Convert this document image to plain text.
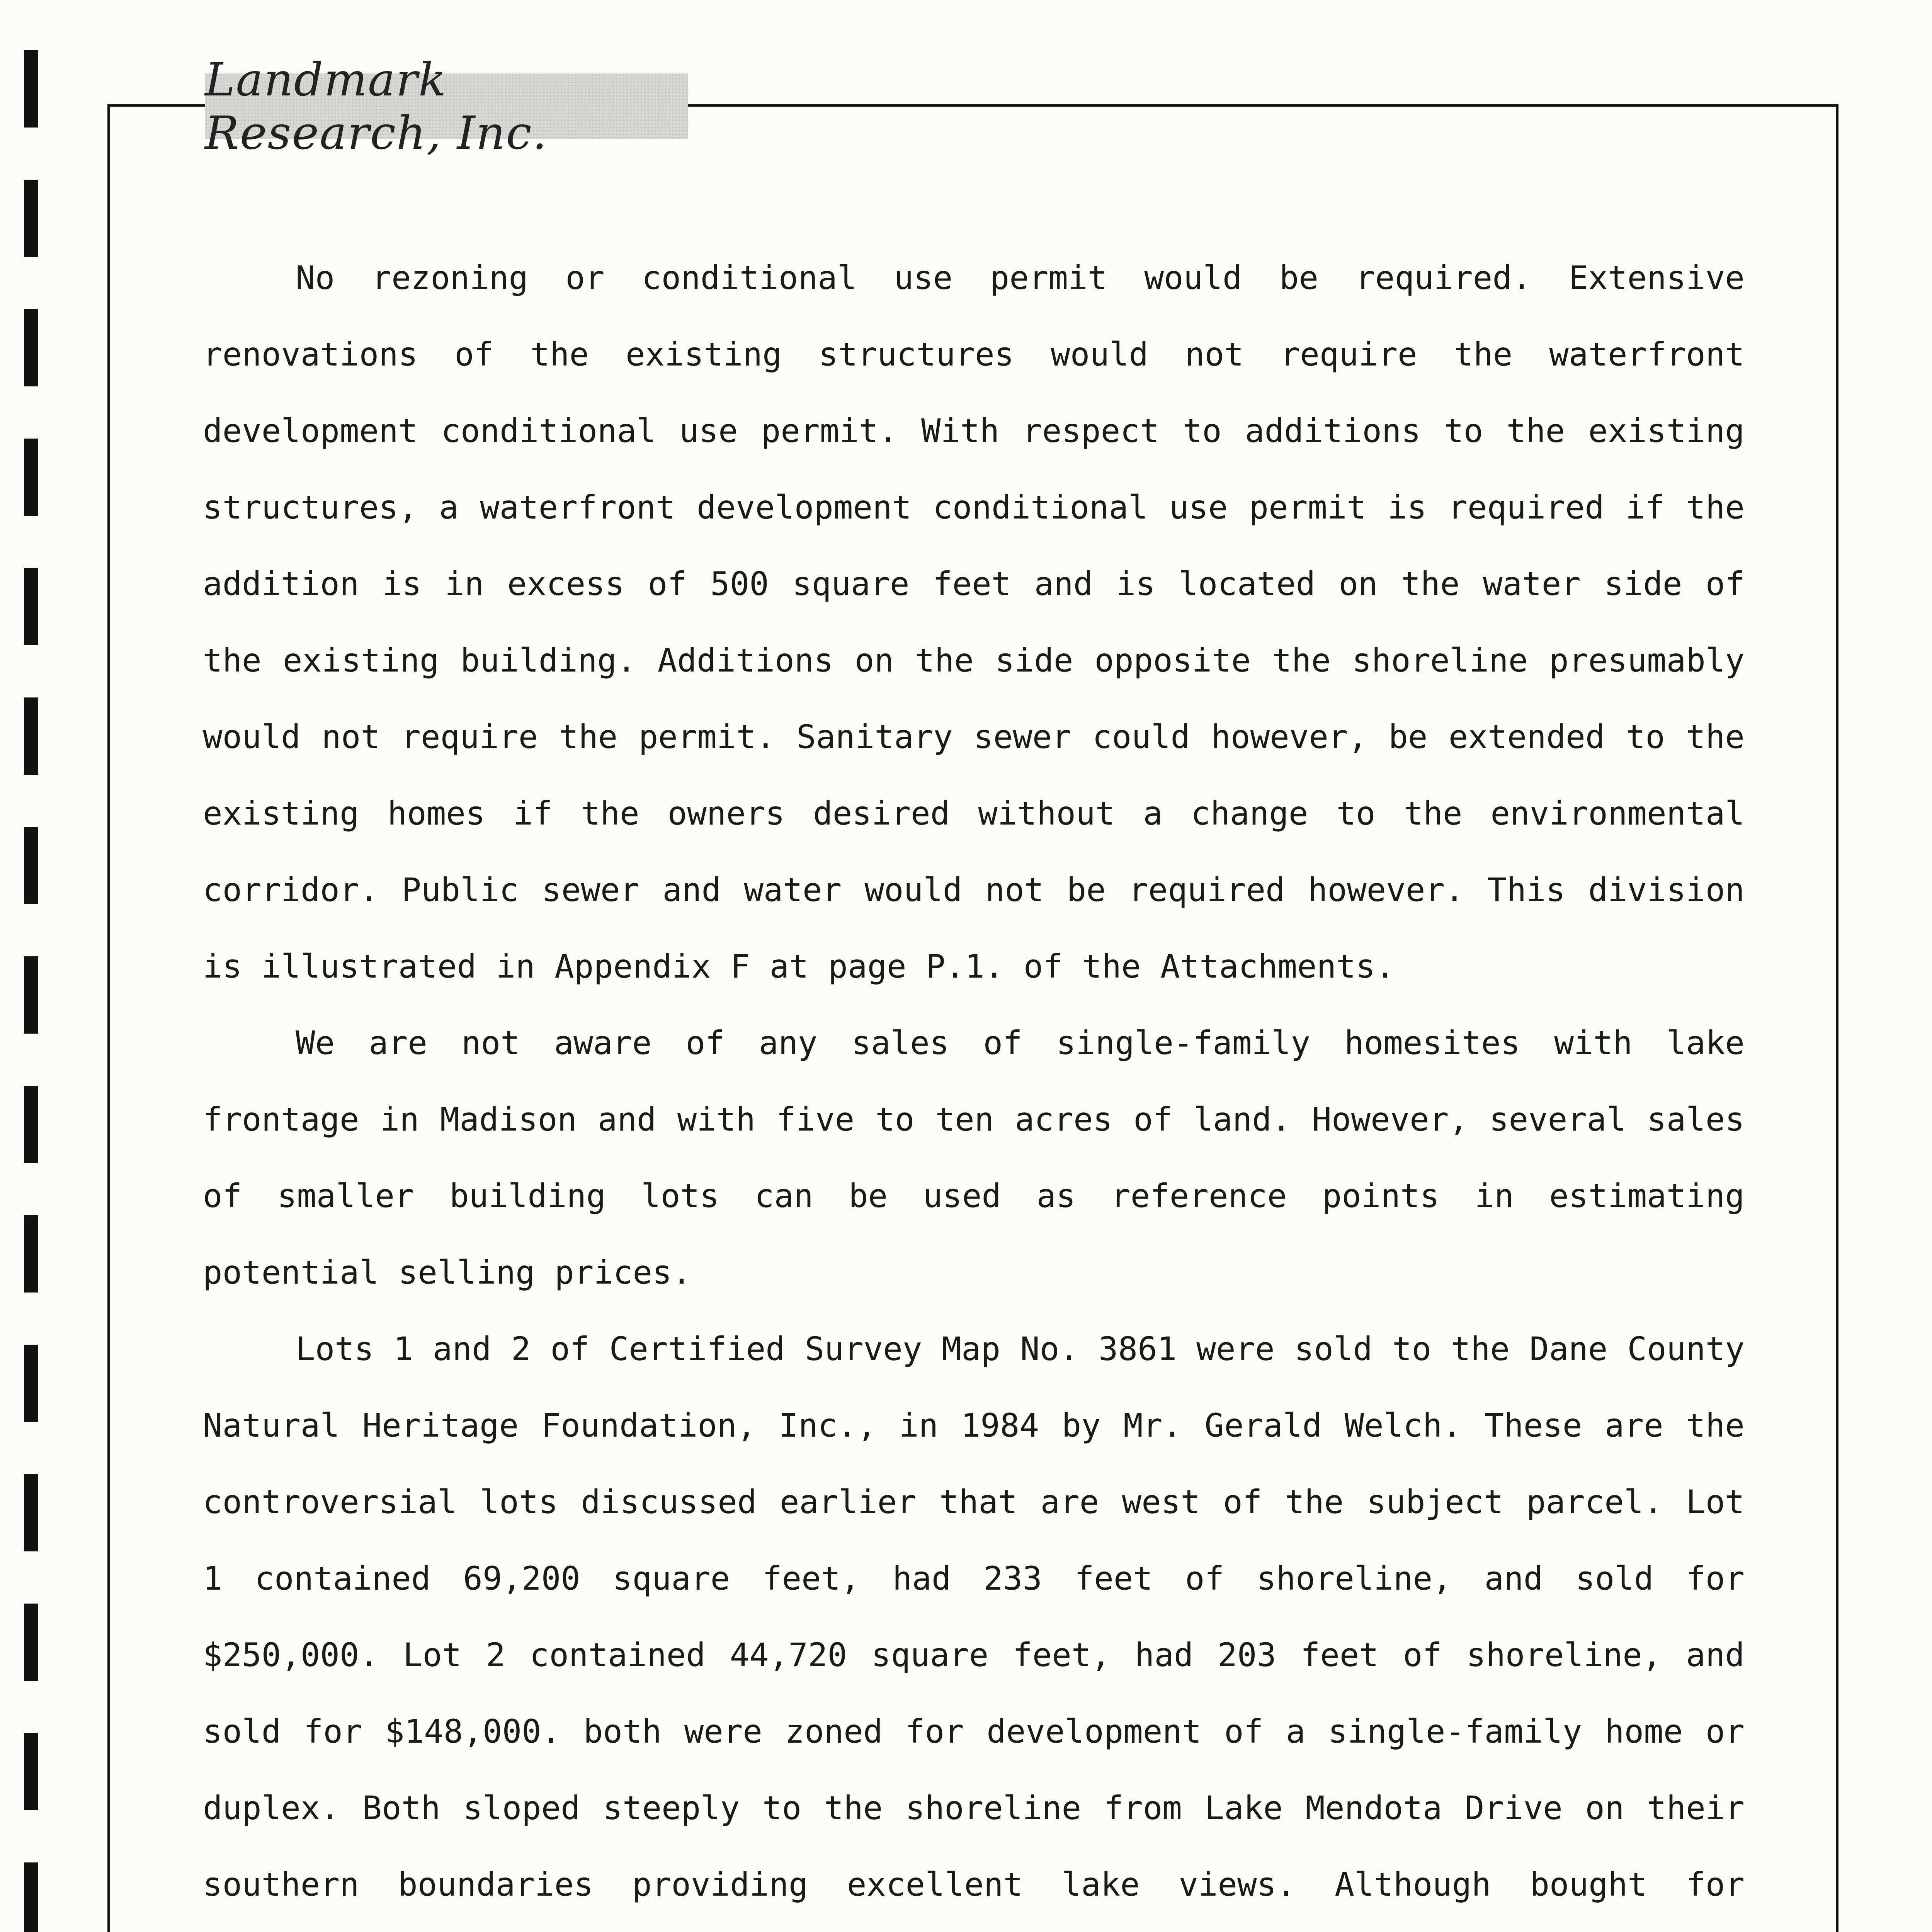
Landmark Research, Inc.

No rezoning or conditional use permit would be required. Extensive renovations of the existing structures would not require the waterfront development conditional use permit. With respect to additions to the existing structures, a waterfront development conditional use permit is required if the addition is in excess of 500 square feet and is located on the water side of the existing building. Additions on the side opposite the shoreline presumably would not require the permit. Sanitary sewer could however, be extended to the existing homes if the owners desired without a change to the environmental corridor. Public sewer and water would not be required however. This division is illustrated in Appendix F at page P.1. of the Attachments.

We are not aware of any sales of single-family homesites with lake frontage in Madison and with five to ten acres of land. However, several sales of smaller building lots can be used as reference points in estimating potential selling prices.

Lots 1 and 2 of Certified Survey Map No. 3861 were sold to the Dane County Natural Heritage Foundation, Inc., in 1984 by Mr. Gerald Welch. These are the controversial lots discussed earlier that are west of the subject parcel. Lot 1 contained 69,200 square feet, had 233 feet of shoreline, and sold for $250,000. Lot 2 contained 44,720 square feet, had 203 feet of shoreline, and sold for $148,000. both were zoned for development of a single-family home or duplex. Both sloped steeply to the shoreline from Lake Mendota Drive on their southern boundaries providing excellent lake views. Although bought for
